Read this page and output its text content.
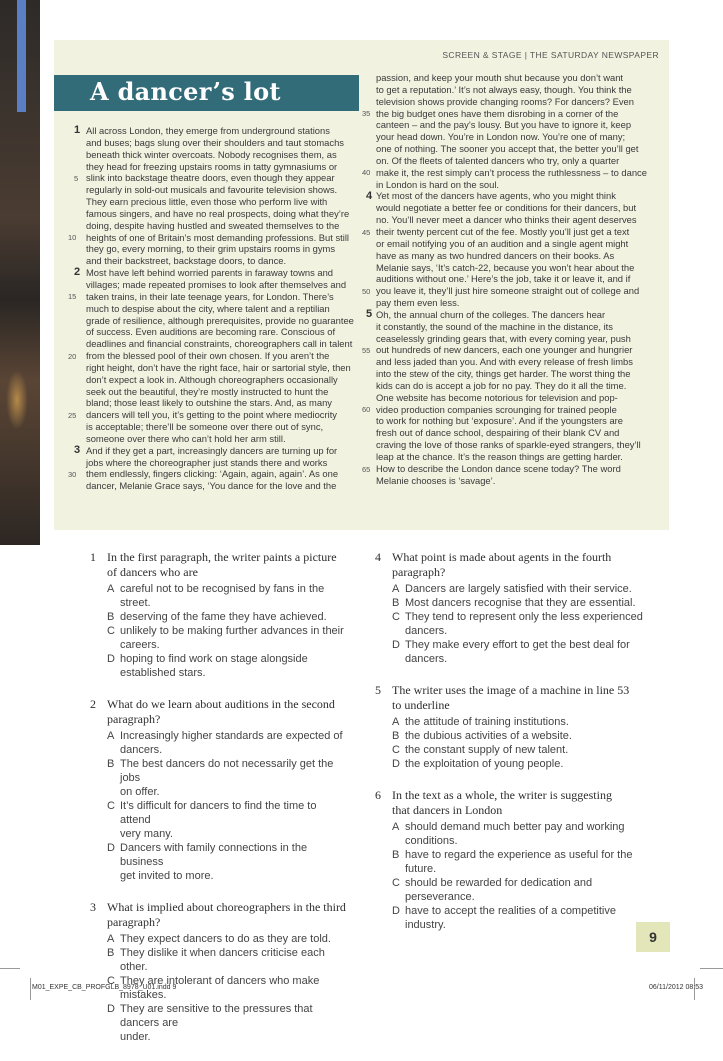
SCREEN & STAGE | THE SATURDAY NEWSPAPER
A dancer’s lot
All across London, they emerge from underground stations
and buses; bags slung over their shoulders and taut stomachs
beneath thick winter overcoats. Nobody recognises them, as
they head for freezing upstairs rooms in tatty gymnasiums or
slink into backstage theatre doors, even though they appear
regularly in sold-out musicals and favourite television shows.
They earn precious little, even those who perform live with
famous singers, and have no real prospects, doing what they’re
doing, despite having hustled and sweated themselves to the
heights of one of Britain’s most demanding professions. But still
they go, every morning, to their grim upstairs rooms in gyms
and their backstreet, backstage doors, to dance.
Most have left behind worried parents in faraway towns and
villages; made repeated promises to look after themselves and
taken trains, in their late teenage years, for London. There’s
much to despise about the city, where talent and a reptilian
grade of resilience, although prerequisites, provide no guarantee
of success. Even auditions are becoming rare. Conscious of
deadlines and financial constraints, choreographers call in talent
from the blessed pool of their own chosen. If you aren’t the
right height, don’t have the right face, hair or sartorial style, then
don’t expect a look in. Although choreographers occasionally
seek out the beautiful, they’re mostly instructed to hunt the
bland; those least likely to outshine the stars. And, as many
dancers will tell you, it’s getting to the point where mediocrity
is acceptable; there’ll be someone over there out of sync,
someone over there who can’t hold her arm still.
And if they get a part, increasingly dancers are turning up for
jobs where the choreographer just stands there and works
them endlessly, fingers clicking: ‘Again, again, again’. As one
dancer, Melanie Grace says, ‘You dance for the love and the
passion, and keep your mouth shut because you don’t want
to get a reputation.’ It’s not always easy, though. You think the
television shows provide changing rooms? For dancers? Even
the big budget ones have them disrobing in a corner of the
canteen – and the pay’s lousy. But you have to ignore it, keep
your head down. You’re in London now. You’re one of many;
one of nothing. The sooner you accept that, the better you’ll get
on. Of the fleets of talented dancers who try, only a quarter
make it, the rest simply can’t process the ruthlessness – to dance
in London is hard on the soul.
Yet most of the dancers have agents, who you might think
would negotiate a better fee or conditions for their dancers, but
no. You’ll never meet a dancer who thinks their agent deserves
their twenty percent cut of the fee. Mostly you’ll just get a text
or email notifying you of an audition and a single agent might
have as many as two hundred dancers on their books. As
Melanie says, ‘It’s catch-22, because you won’t hear about the
auditions without one.’ Here’s the job, take it or leave it, and if
you leave it, they’ll just hire someone straight out of college and
pay them even less.
Oh, the annual churn of the colleges. The dancers hear
it constantly, the sound of the machine in the distance, its
ceaselessly grinding gears that, with every coming year, push
out hundreds of new dancers, each one younger and hungrier
and less jaded than you. And with every release of fresh limbs
into the stew of the city, things get harder. The worst thing the
kids can do is accept a job for no pay. They do it all the time.
One website has become notorious for television and pop-
video production companies scrounging for trained people
to work for nothing but ‘exposure’. And if the youngsters are
fresh out of dance school, despairing of their blank CV and
craving the love of those ranks of sparkle-eyed strangers, they’ll
leap at the chance. It’s the reason things are getting harder.
How to describe the London dance scene today? The word
Melanie chooses is ‘savage’.
1
2
3
4
5
5
10
15
20
25
30
35
40
45
50
55
60
65
1 In the first paragraph, the writer paints a picture
of dancers who are
A careful not to be recognised by fans in the street.
B deserving of the fame they have achieved.
C unlikely to be making further advances in their
careers.
D hoping to find work on stage alongside
established stars.
2 What do we learn about auditions in the second
paragraph?
A Increasingly higher standards are expected of
dancers.
B The best dancers do not necessarily get the jobs
on offer.
C It’s difficult for dancers to find the time to attend
very many.
D Dancers with family connections in the business
get invited to more.
3 What is implied about choreographers in the third
paragraph?
A They expect dancers to do as they are told.
B They dislike it when dancers criticise each other.
C They are intolerant of dancers who make mistakes.
D They are sensitive to the pressures that dancers are
under.
4 What point is made about agents in the fourth
paragraph?
A Dancers are largely satisfied with their service.
B Most dancers recognise that they are essential.
C They tend to represent only the less experienced
dancers.
D They make every effort to get the best deal for
dancers.
5 The writer uses the image of a machine in line 53
to underline
A the attitude of training institutions.
B the dubious activities of a website.
C the constant supply of new talent.
D the exploitation of young people.
6 In the text as a whole, the writer is suggesting
that dancers in London
A should demand much better pay and working
conditions.
B have to regard the experience as useful for the
future.
C should be rewarded for dedication and
perseverance.
D have to accept the realities of a competitive
industry.
9
M01_EXPE_CB_PROFGLB_8978_U01.indd 9	06/11/2012 08:53
